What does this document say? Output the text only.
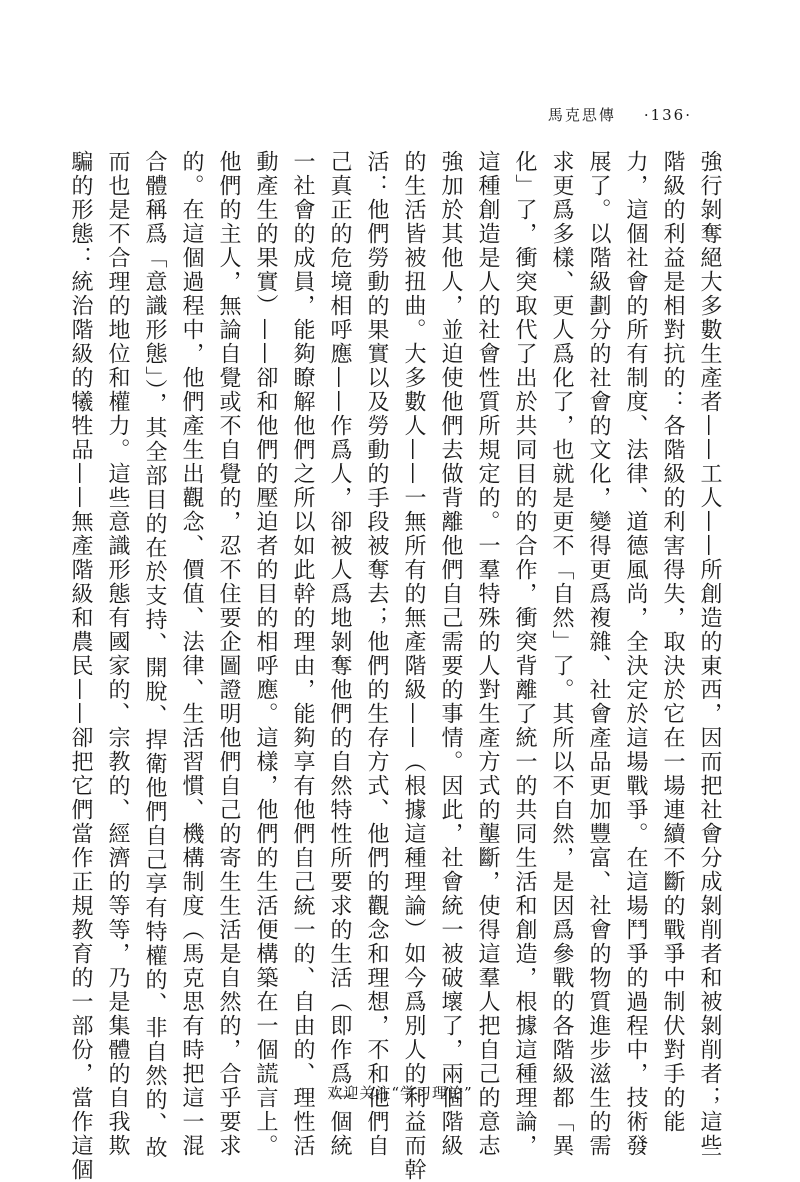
馬克思傳 ·136·
強行剝奪絕大多數生產者——工人——所創造的東西，因而把社會分成剝削者和被剝削者；這些
階級的利益是相對抗的：各階級的利害得失，取決於它在一場連續不斷的戰爭中制伏對手的能
力，這個社會的所有制度、法律、道德風尚，全決定於這場戰爭。在這場鬥爭的過程中，技術發
展了。以階級劃分的社會的文化，變得更爲複雜、社會產品更加豐富、社會的物質進步滋生的需
求更爲多樣、更人爲化了，也就是更不「自然」了。其所以不自然，是因爲參戰的各階級都「異
化」了，衝突取代了出於共同目的的合作，衝突背離了統一的共同生活和創造，根據這種理論，
這種創造是人的社會性質所規定的。一羣特殊的人對生產方式的壟斷，使得這羣人把自己的意志
強加於其他人，並迫使他們去做背離他們自己需要的事情。因此，社會統一被破壞了，兩個階級
的生活皆被扭曲。大多數人——一無所有的無產階級——（根據這種理論）如今爲別人的利益而幹
活：他們勞動的果實以及勞動的手段被奪去；他們的生存方式、他們的觀念和理想，不和他們自
己真正的危境相呼應——作爲人，卻被人爲地剝奪他們的自然特性所要求的生活（即作爲一個統
一社會的成員，能夠瞭解他們之所以如此幹的理由，能夠享有他們自己統一的、自由的、理性活
動產生的果實）——卻和他們的壓迫者的目的相呼應。這樣，他們的生活便構築在一個謊言上。
他們的主人，無論自覺或不自覺的，忍不住要企圖證明他們自己的寄生生活是自然的，合乎要求
的。在這個過程中，他們產生出觀念、價值、法律、生活習慣、機構制度（馬克思有時把這一混
合體稱爲「意識形態」），其全部目的在於支持、開脫、捍衛他們自己享有特權的、非自然的、故
而也是不合理的地位和權力。這些意識形態有國家的、宗教的、經濟的等等，乃是集體的自我欺
騙的形態：統治階級的犧牲品——無產階級和農民——卻把它們當作正規教育的一部份，當作這個	欢迎关注“学习理论”
